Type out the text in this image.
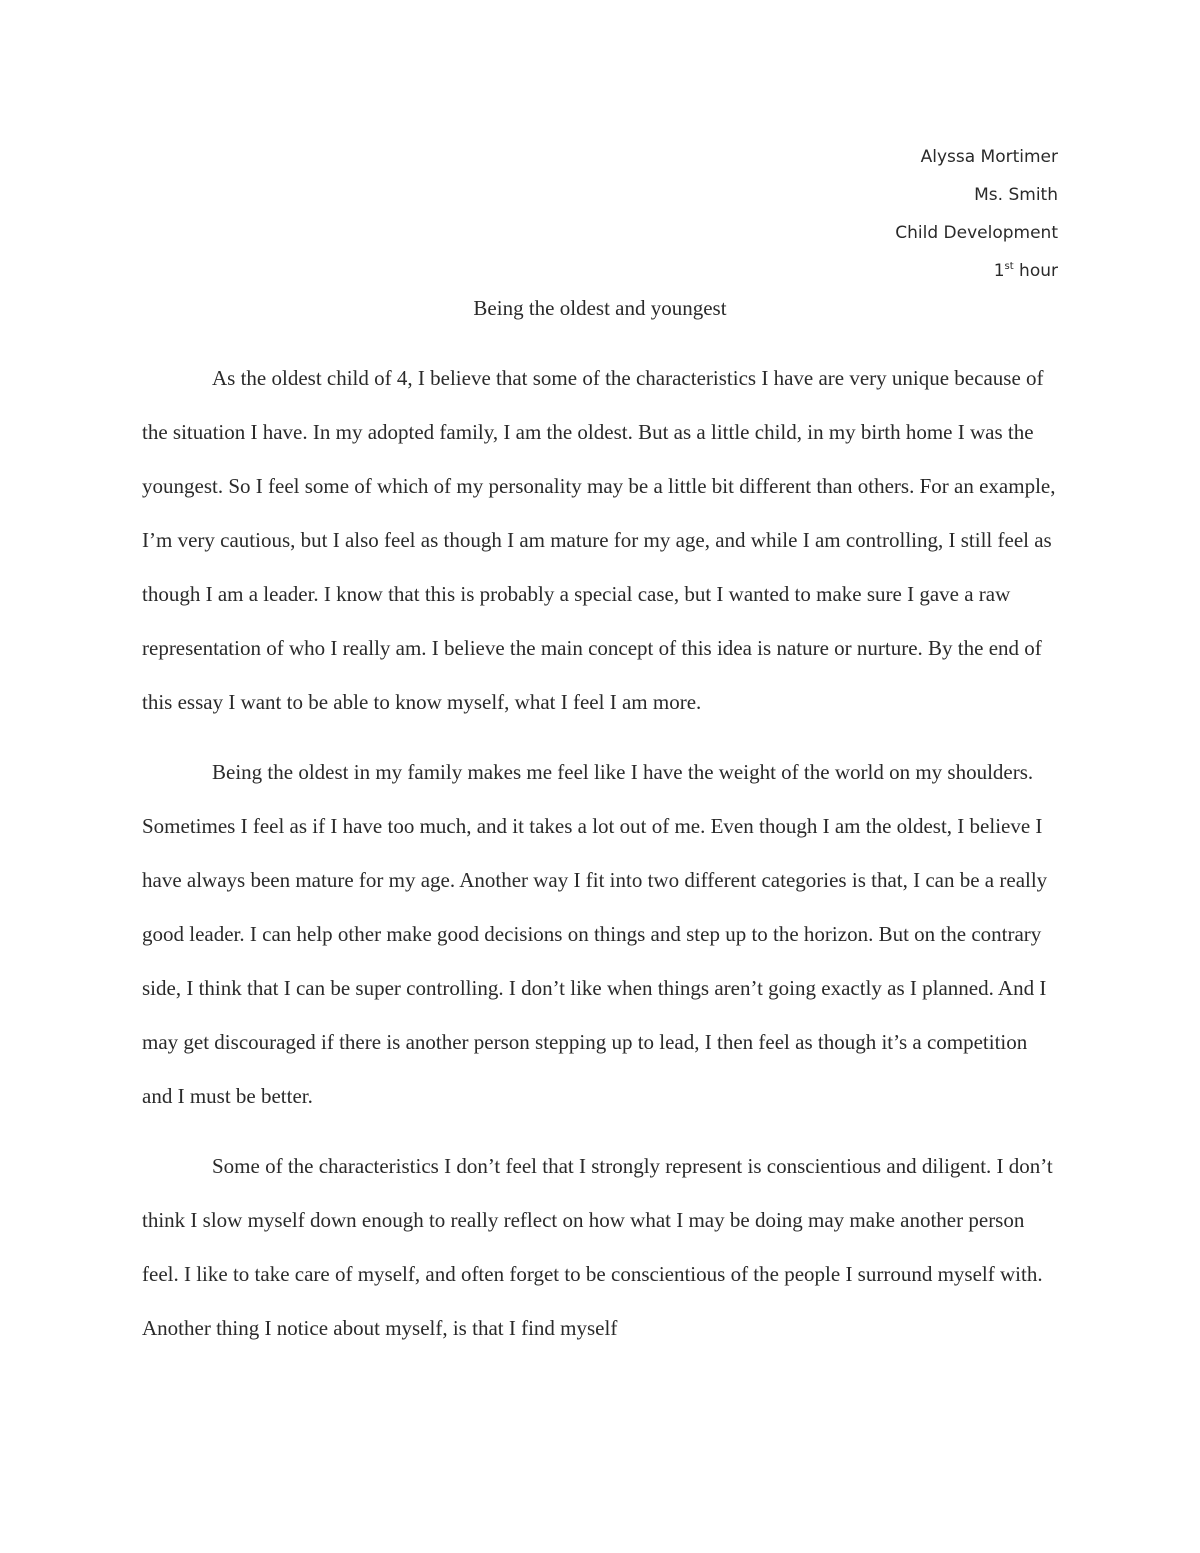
Alyssa Mortimer
Ms. Smith
Child Development
1st hour
Being the oldest and youngest

As the oldest child of 4, I believe that some of the characteristics I have are very unique because of the situation I have. In my adopted family, I am the oldest. But as a little child, in my birth home I was the youngest. So I feel some of which of my personality may be a little bit different than others. For an example, I’m very cautious, but I also feel as though I am mature for my age, and while I am controlling, I still feel as though I am a leader. I know that this is probably a special case, but I wanted to make sure I gave a raw representation of who I really am. I believe the main concept of this idea is nature or nurture. By the end of this essay I want to be able to know myself, what I feel I am more.

Being the oldest in my family makes me feel like I have the weight of the world on my shoulders. Sometimes I feel as if I have too much, and it takes a lot out of me. Even though I am the oldest, I believe I have always been mature for my age. Another way I fit into two different categories is that, I can be a really good leader. I can help other make good decisions on things and step up to the horizon. But on the contrary side, I think that I can be super controlling. I don’t like when things aren’t going exactly as I planned. And I may get discouraged if there is another person stepping up to lead, I then feel as though it’s a competition and I must be better.

Some of the characteristics I don’t feel that I strongly represent is conscientious and diligent. I don’t think I slow myself down enough to really reflect on how what I may be doing may make another person feel. I like to take care of myself, and often forget to be conscientious of the people I surround myself with. Another thing I notice about myself, is that I find myself
